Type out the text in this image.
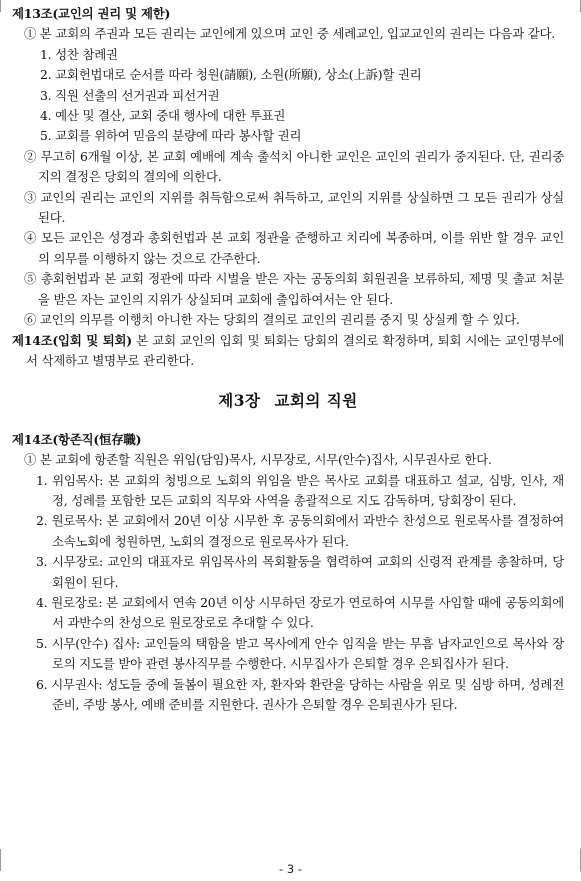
제13조(교인의 권리 및 제한)
① 본 교회의 주권과 모든 권리는 교인에게 있으며 교인 중 세례교인, 입교교인의 권리는 다음과 같다.
1. 성찬 참례권
2. 교회헌법대로 순서를 따라 청원(請願), 소원(所願), 상소(上訴)할 권리
3. 직원 선출의 선거권과 피선거권
4. 예산 및 결산, 교회 중대 행사에 대한 투표권
5. 교회를 위하여 믿음의 분량에 따라 봉사할 권리
② 무고히 6개월 이상, 본 교회 예배에 계속 출석치 아니한 교인은 교인의 권리가 중지된다. 단, 권리중지의 결정은 당회의 결의에 의한다.
③ 교인의 권리는 교인의 지위를 취득함으로써 취득하고, 교인의 지위를 상실하면 그 모든 권리가 상실된다.
④ 모든 교인은 성경과 총회헌법과 본 교회 정관을 준행하고 치리에 복종하며, 이를 위반 할 경우 교인의 의무를 이행하지 않는 것으로 간주한다.
⑤ 총회헌법과 본 교회 정관에 따라 시벌을 받은 자는 공동의회 회원권을 보류하되, 제명 및 출교 처분을 받은 자는 교인의 지위가 상실되며 교회에 출입하여서는 안 된다.
⑥ 교인의 의무를 이행치 아니한 자는 당회의 결의로 교인의 권리를 중지 및 상실케 할 수 있다.
제14조(입회 및 퇴회) 본 교회 교인의 입회 및 퇴회는 당회의 결의로 확정하며, 퇴회 시에는 교인명부에서 삭제하고 별명부로 관리한다.
제3장 교회의 직원
제14조(항존직(恒存職)
① 본 교회에 항존할 직원은 위임(담임)목사, 시무장로, 시무(안수)집사, 시무권사로 한다.
1. 위임목사: 본 교회의 청빙으로 노회의 위임을 받은 목사로 교회를 대표하고 설교, 심방, 인사, 재정, 성례를 포함한 모든 교회의 직무와 사역을 총괄적으로 지도 감독하며, 당회장이 된다.
2. 원로목사: 본 교회에서 20년 이상 시무한 후 공동의회에서 과반수 찬성으로 원로목사를 결정하여 소속노회에 청원하면, 노회의 결정으로 원로목사가 된다.
3. 시무장로: 교인의 대표자로 위임목사의 목회활동을 협력하여 교회의 신령적 관계를 총찰하며, 당회원이 된다.
4. 원로장로: 본 교회에서 연속 20년 이상 시무하던 장로가 연로하여 시무를 사임할 때에 공동의회에서 과반수의 찬성으로 원로장로로 추대할 수 있다.
5. 시무(안수) 집사: 교인들의 택함을 받고 목사에게 안수 임직을 받는 무흠 남자교인으로 목사와 장로의 지도를 받아 관련 봉사직무를 수행한다. 시무집사가 은퇴할 경우 은퇴집사가 된다.
6. 시무권사: 성도들 중에 돌봄이 필요한 자, 환자와 환란을 당하는 사람을 위로 및 심방 하며, 성례전 준비, 주방 봉사, 예배 준비를 지원한다. 권사가 은퇴할 경우 은퇴권사가 된다.
- 3 -
